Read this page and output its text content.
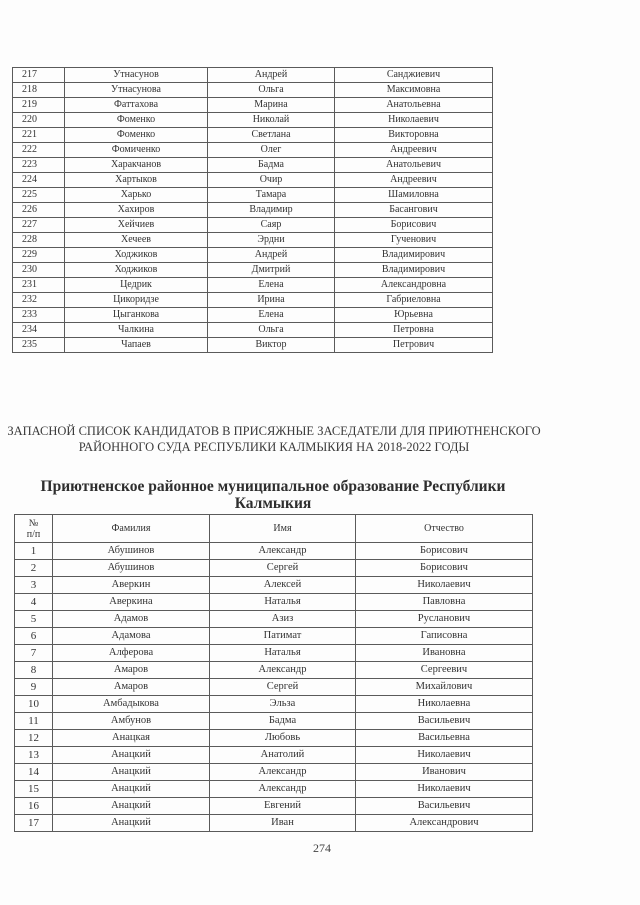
217	Утнасунов	Андрей	Санджиевич
218	Утнасунова	Ольга	Максимовна
219	Фаттахова	Марина	Анатольевна
220	Фоменко	Николай	Николаевич
221	Фоменко	Светлана	Викторовна
222	Фомиченко	Олег	Андреевич
223	Харакчанов	Бадма	Анатольевич
224	Хартыков	Очир	Андреевич
225	Харько	Тамара	Шамиловна
226	Хахиров	Владимир	Басангович
227	Хейчиев	Саяр	Борисович
228	Хечеев	Эрдни	Гученович
229	Ходжиков	Андрей	Владимирович
230	Ходжиков	Дмитрий	Владимирович
231	Цедрик	Елена	Александровна
232	Цикоридзе	Ирина	Габриеловна
233	Цыганкова	Елена	Юрьевна
234	Чалкина	Ольга	Петровна
235	Чапаев	Виктор	Петрович
ЗАПАСНОЙ СПИСОК КАНДИДАТОВ В ПРИСЯЖНЫЕ ЗАСЕДАТЕЛИ ДЛЯ ПРИЮТНЕНСКОГО
РАЙОННОГО СУДА РЕСПУБЛИКИ КАЛМЫКИЯ НА 2018-2022 ГОДЫ
Приютненское районное муниципальное образование Республики
Калмыкия
№
п/п	Фамилия	Имя	Отчество
1	Абушинов	Александр	Борисович
2	Абушинов	Сергей	Борисович
3	Аверкин	Алексей	Николаевич
4	Аверкина	Наталья	Павловна
5	Адамов	Азиз	Русланович
6	Адамова	Патимат	Гаписовна
7	Алферова	Наталья	Ивановна
8	Амаров	Александр	Сергеевич
9	Амаров	Сергей	Михайлович
10	Амбадыкова	Эльза	Николаевна
11	Амбунов	Бадма	Васильевич
12	Анацкая	Любовь	Васильевна
13	Анацкий	Анатолий	Николаевич
14	Анацкий	Александр	Иванович
15	Анацкий	Александр	Николаевич
16	Анацкий	Евгений	Васильевич
17	Анацкий	Иван	Александрович
274
